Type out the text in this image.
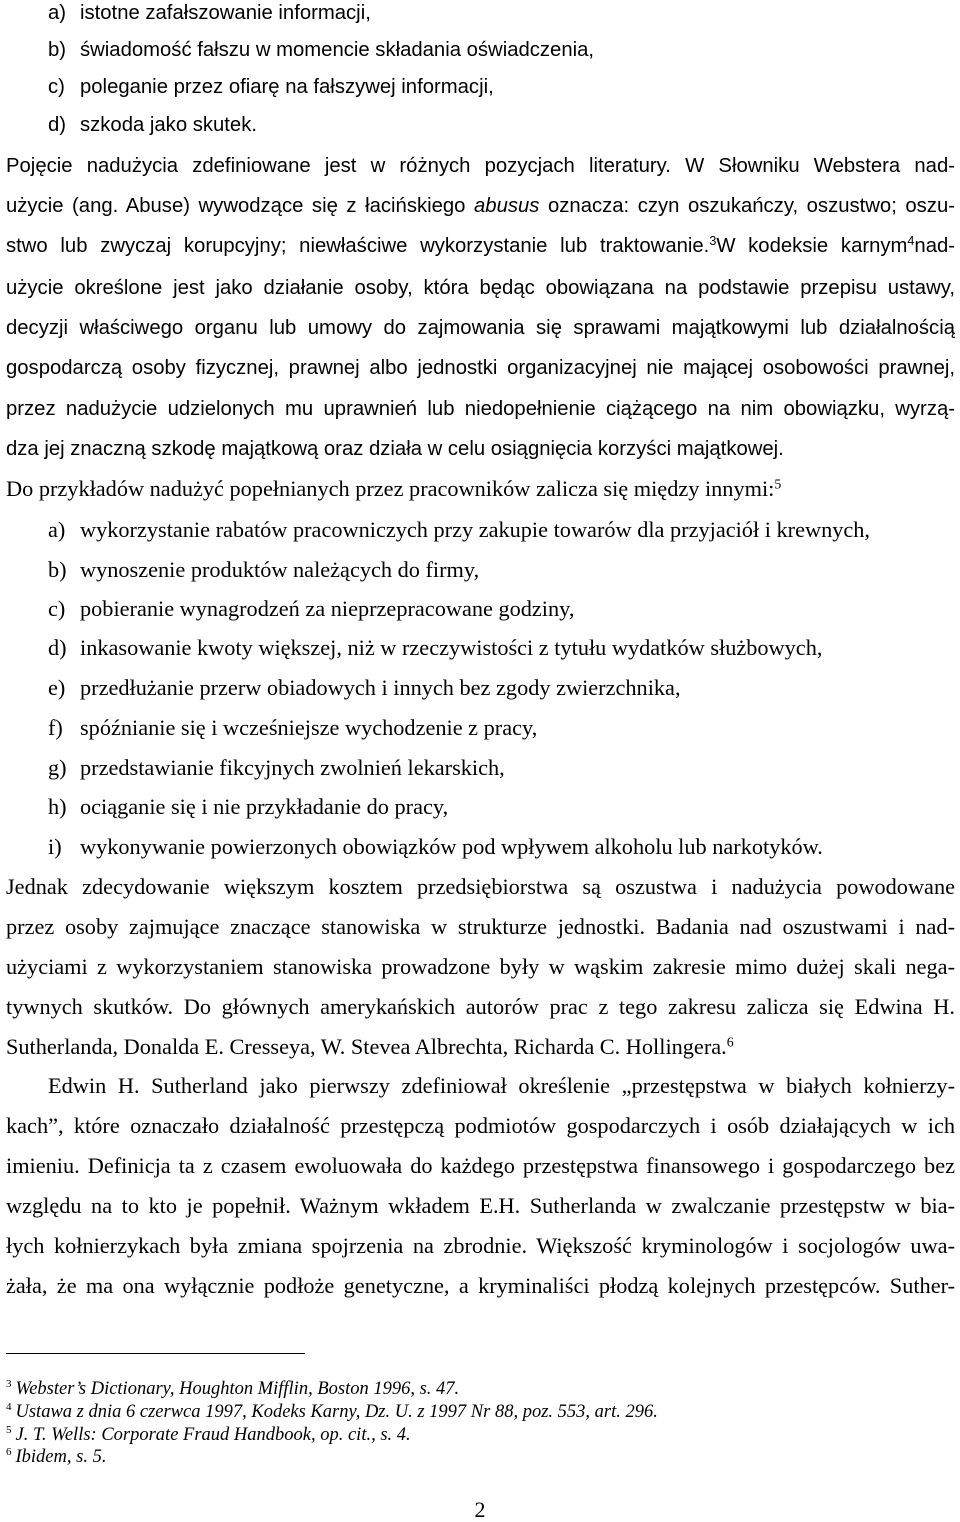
a) istotne zafałszowanie informacji,
b) świadomość fałszu w momencie składania oświadczenia,
c) poleganie przez ofiarę na fałszywej informacji,
d) szkoda jako skutek.
Pojęcie nadużycia zdefiniowane jest w różnych pozycjach literatury. W Słowniku Webstera nad-
użycie (ang. Abuse) wywodzące się z łacińskiego abusus oznacza: czyn oszukańczy, oszustwo; oszu-
stwo lub zwyczaj korupcyjny; niewłaściwe wykorzystanie lub traktowanie.$^3$W kodeksie karnym$^4$nad-
użycie określone jest jako działanie osoby, która będąc obowiązana na podstawie przepisu ustawy,
decyzji właściwego organu lub umowy do zajmowania się sprawami majątkowymi lub działalnością
gospodarczą osoby fizycznej, prawnej albo jednostki organizacyjnej nie mającej osobowości prawnej,
przez nadużycie udzielonych mu uprawnień lub niedopełnienie ciążącego na nim obowiązku, wyrzą-
dza jej znaczną szkodę majątkową oraz działa w celu osiągnięcia korzyści majątkowej.
Do przykładów nadużyć popełnianych przez pracowników zalicza się między innymi:$^5$
a) wykorzystanie rabatów pracowniczych przy zakupie towarów dla przyjaciół i krewnych,
b) wynoszenie produktów należących do firmy,
c) pobieranie wynagrodzeń za nieprzepracowane godziny,
d) inkasowanie kwoty większej, niż w rzeczywistości z tytułu wydatków służbowych,
e) przedłużanie przerw obiadowych i innych bez zgody zwierzchnika,
f) spóźnianie się i wcześniejsze wychodzenie z pracy,
g) przedstawianie fikcyjnych zwolnień lekarskich,
h) ociąganie się i nie przykładanie do pracy,
i) wykonywanie powierzonych obowiązków pod wpływem alkoholu lub narkotyków.
Jednak zdecydowanie większym kosztem przedsiębiorstwa są oszustwa i nadużycia powodowane
przez osoby zajmujące znaczące stanowiska w strukturze jednostki. Badania nad oszustwami i nad-
użyciami z wykorzystaniem stanowiska prowadzone były w wąskim zakresie mimo dużej skali nega-
tywnych skutków. Do głównych amerykańskich autorów prac z tego zakresu zalicza się Edwina H.
Sutherlanda, Donalda E. Cresseya, W. Stevea Albrechta, Richarda C. Hollingera.$^6$
Edwin H. Sutherland jako pierwszy zdefiniował określenie „przestępstwa w białych kołnierzy-
kach”, które oznaczało działalność przestępczą podmiotów gospodarczych i osób działających w ich
imieniu. Definicja ta z czasem ewoluowała do każdego przestępstwa finansowego i gospodarczego bez
względu na to kto je popełnił. Ważnym wkładem E.H. Sutherlanda w zwalczanie przestępstw w bia-
łych kołnierzykach była zmiana spojrzenia na zbrodnie. Większość kryminologów i socjologów uwa-
żała, że ma ona wyłącznie podłoże genetyczne, a kryminaliści płodzą kolejnych przestępców. Suther-
$^3$ Webster’s Dictionary, Houghton Mifflin, Boston 1996, s. 47.
$^4$ Ustawa z dnia 6 czerwca 1997, Kodeks Karny, Dz. U. z 1997 Nr 88, poz. 553, art. 296.
$^5$ J. T. Wells: Corporate Fraud Handbook, op. cit., s. 4.
$^6$ Ibidem, s. 5.
2
